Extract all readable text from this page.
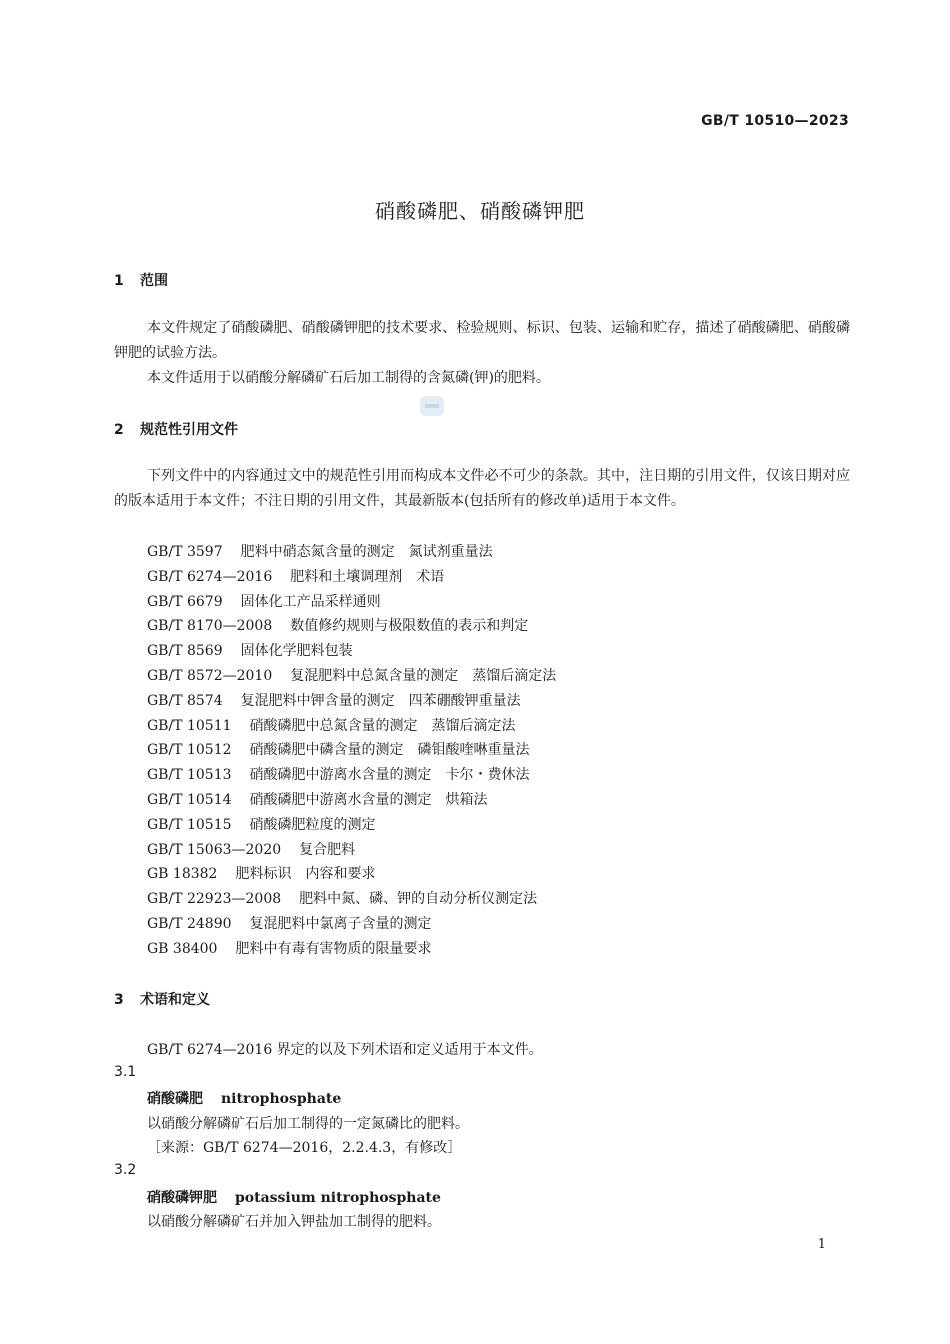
GB/T 10510—2023
硝酸磷肥、硝酸磷钾肥
1 范围

本文件规定了硝酸磷肥、硝酸磷钾肥的技术要求、检验规则、标识、包装、运输和贮存，描述了硝酸磷肥、硝酸磷钾肥的试验方法。

本文件适用于以硝酸分解磷矿石后加工制得的含氮磷(钾)的肥料。

2 规范性引用文件

下列文件中的内容通过文中的规范性引用而构成本文件必不可少的条款。其中，注日期的引用文件，仅该日期对应的版本适用于本文件；不注日期的引用文件，其最新版本(包括所有的修改单)适用于本文件。

GB/T 3597 肥料中硝态氮含量的测定　氮试剂重量法
GB/T 6274—2016 肥料和土壤调理剂　术语
GB/T 6679 固体化工产品采样通则
GB/T 8170—2008 数值修约规则与极限数值的表示和判定
GB/T 8569 固体化学肥料包装
GB/T 8572—2010 复混肥料中总氮含量的测定　蒸馏后滴定法
GB/T 8574 复混肥料中钾含量的测定　四苯硼酸钾重量法
GB/T 10511 硝酸磷肥中总氮含量的测定　蒸馏后滴定法
GB/T 10512 硝酸磷肥中磷含量的测定　磷钼酸喹啉重量法
GB/T 10513 硝酸磷肥中游离水含量的测定　卡尔・费休法
GB/T 10514 硝酸磷肥中游离水含量的测定　烘箱法
GB/T 10515 硝酸磷肥粒度的测定
GB/T 15063—2020 复合肥料
GB 18382 肥料标识　内容和要求
GB/T 22923—2008 肥料中氮、磷、钾的自动分析仪测定法
GB/T 24890 复混肥料中氯离子含量的测定
GB 38400 肥料中有毒有害物质的限量要求
3 术语和定义
GB/T 6274—2016 界定的以及下列术语和定义适用于本文件。
3.1
硝酸磷肥 nitrophosphate
以硝酸分解磷矿石后加工制得的一定氮磷比的肥料。
［来源：GB/T 6274—2016，2.2.4.3，有修改］
3.2
硝酸磷钾肥 potassium nitrophosphate
以硝酸分解磷矿石并加入钾盐加工制得的肥料。
1
